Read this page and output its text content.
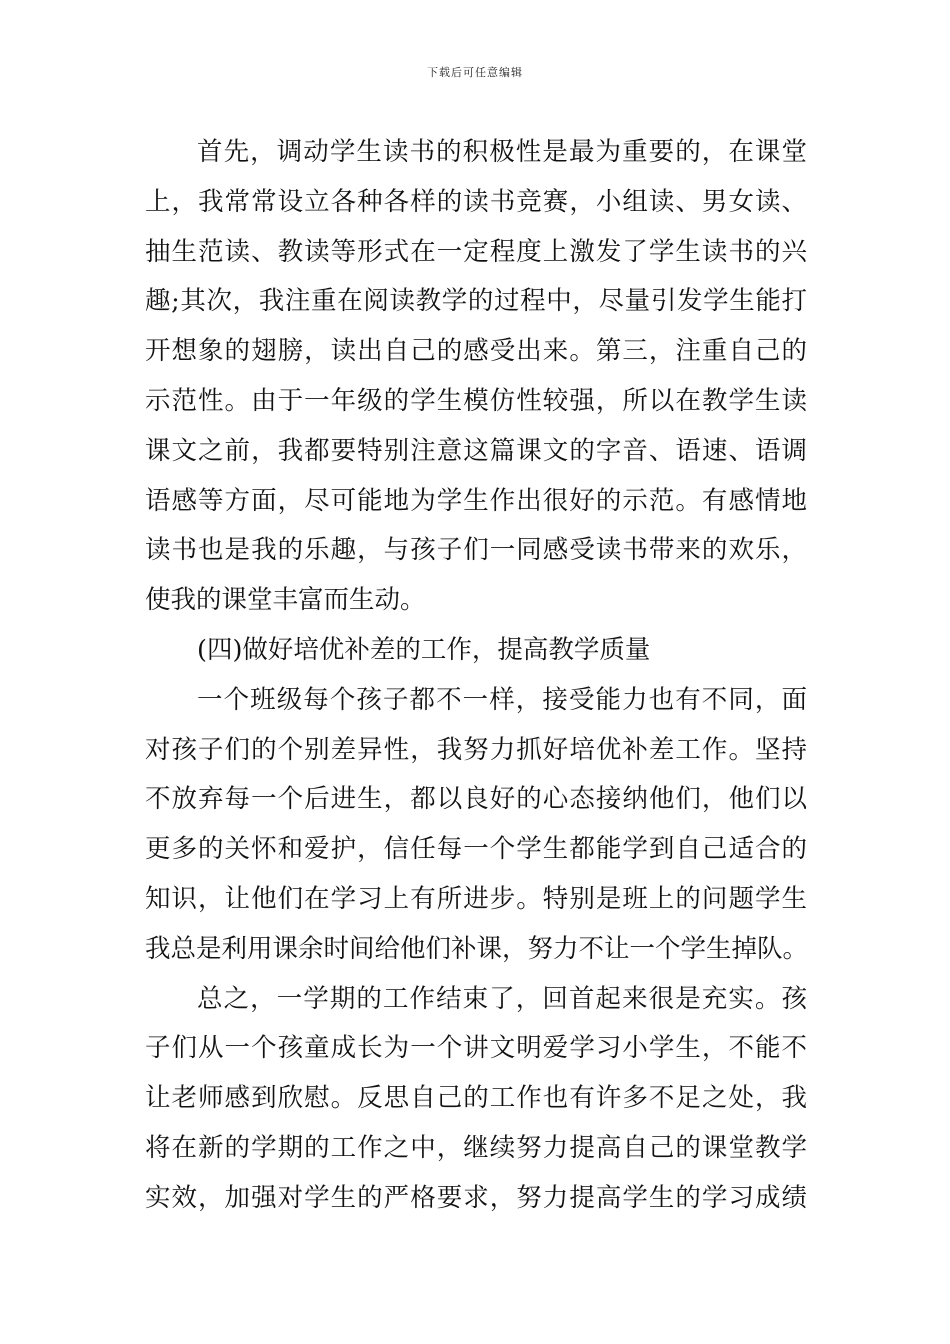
下载后可任意编辑
首先，调动学生读书的积极性是最为重要的，在课堂
上，我常常设立各种各样的读书竞赛，小组读、男女读、
抽生范读、教读等形式在一定程度上激发了学生读书的兴
趣;其次，我注重在阅读教学的过程中，尽量引发学生能打
开想象的翅膀，读出自己的感受出来。第三，注重自己的
示范性。由于一年级的学生模仿性较强，所以在教学生读
课文之前，我都要特别注意这篇课文的字音、语速、语调
语感等方面，尽可能地为学生作出很好的示范。有感情地
读书也是我的乐趣，与孩子们一同感受读书带来的欢乐，
使我的课堂丰富而生动。
(四)做好培优补差的工作，提高教学质量
一个班级每个孩子都不一样，接受能力也有不同，面
对孩子们的个别差异性，我努力抓好培优补差工作。坚持
不放弃每一个后进生，都以良好的心态接纳他们，他们以
更多的关怀和爱护，信任每一个学生都能学到自己适合的
知识，让他们在学习上有所进步。特别是班上的问题学生
我总是利用课余时间给他们补课，努力不让一个学生掉队。
总之，一学期的工作结束了，回首起来很是充实。孩
子们从一个孩童成长为一个讲文明爱学习小学生，不能不
让老师感到欣慰。反思自己的工作也有许多不足之处，我
将在新的学期的工作之中，继续努力提高自己的课堂教学
实效，加强对学生的严格要求，努力提高学生的学习成绩
